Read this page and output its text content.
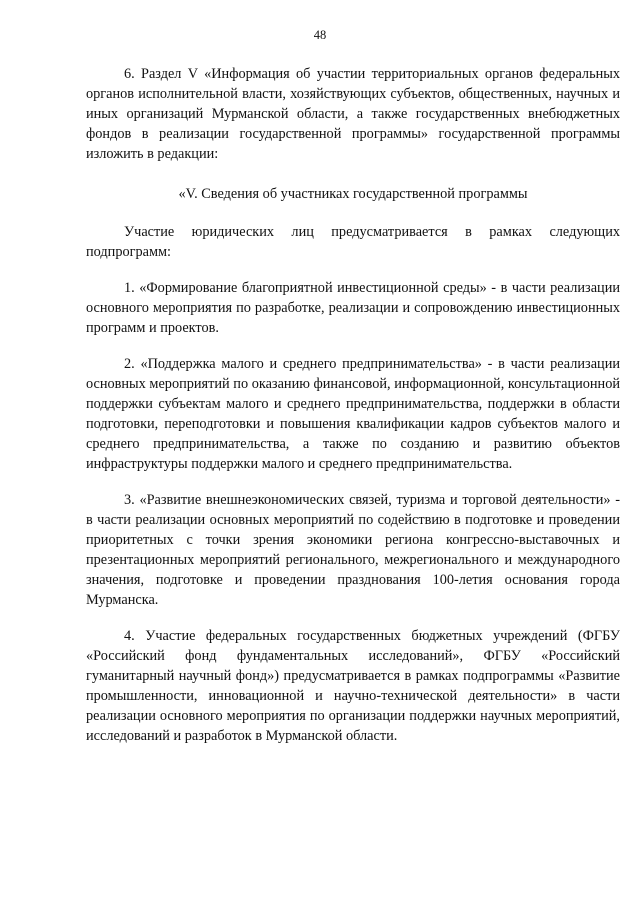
48

6. Раздел V «Информация об участии территориальных органов федеральных органов исполнительной власти, хозяйствующих субъектов, общественных, научных и иных организаций Мурманской области, а также государственных внебюджетных фондов в реализации государственной программы» государственной программы изложить в редакции:

«V. Сведения об участниках государственной программы

Участие юридических лиц предусматривается в рамках следующих подпрограмм:

1. «Формирование благоприятной инвестиционной среды» - в части реализации основного мероприятия по разработке, реализации и сопровождению инвестиционных программ и проектов.

2. «Поддержка малого и среднего предпринимательства» - в части реализации основных мероприятий по оказанию финансовой, информационной, консультационной поддержки субъектам малого и среднего предпринимательства, поддержки в области подготовки, переподготовки и повышения квалификации кадров субъектов малого и среднего предпринимательства, а также по созданию и развитию объектов инфраструктуры поддержки малого и среднего предпринимательства.

3. «Развитие внешнеэкономических связей, туризма и торговой деятельности» - в части реализации основных мероприятий по содействию в подготовке и проведении приоритетных с точки зрения экономики региона конгрессно-выставочных и презентационных мероприятий регионального, межрегионального и международного значения, подготовке и проведении празднования 100-летия основания города Мурманска.

4. Участие федеральных государственных бюджетных учреждений (ФГБУ «Российский фонд фундаментальных исследований», ФГБУ «Российский гуманитарный научный фонд») предусматривается в рамках подпрограммы «Развитие промышленности, инновационной и научно-технической деятельности» в части реализации основного мероприятия по организации поддержки научных мероприятий, исследований и разработок в Мурманской области.
